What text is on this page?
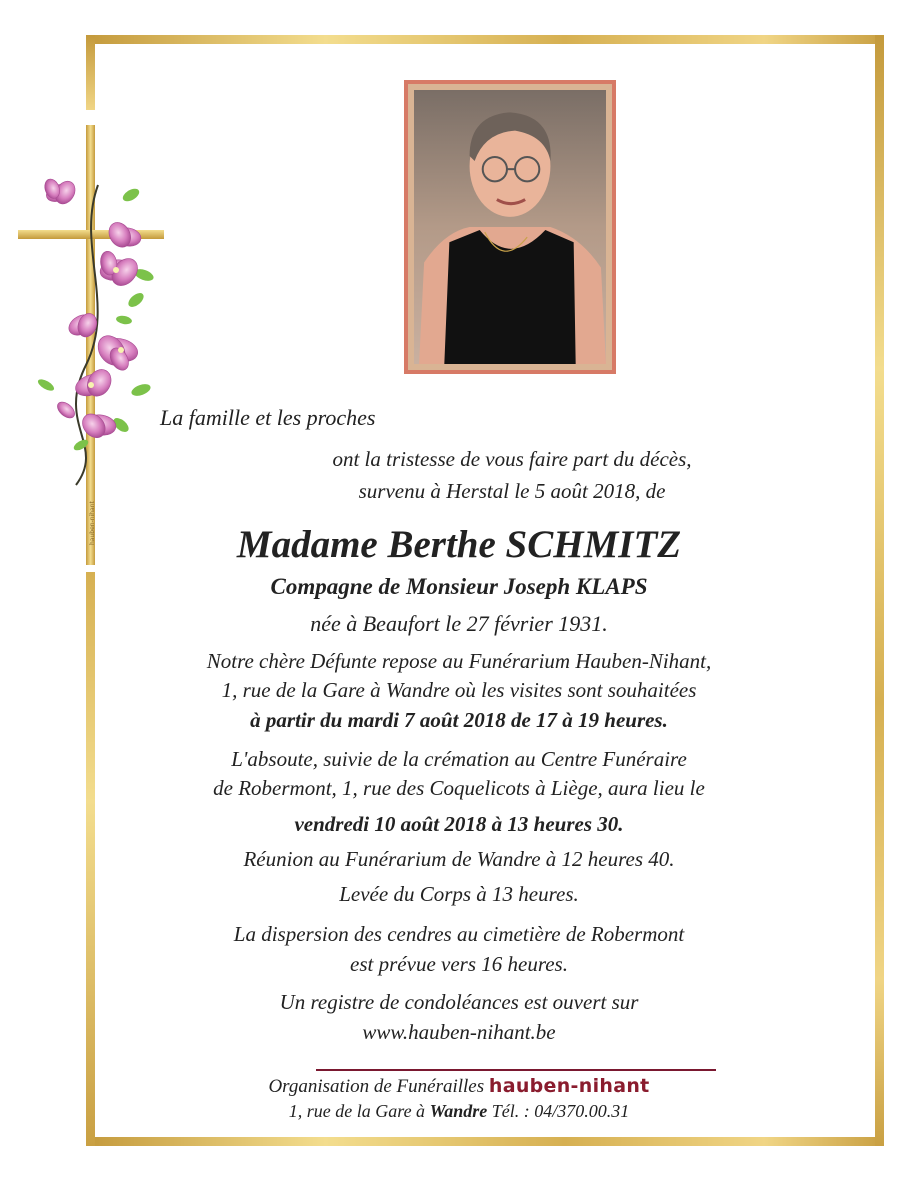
hauben-nihant
La famille et les proches
ont la tristesse de vous faire part du décès,
survenu à Herstal le 5 août 2018, de
Madame Berthe SCHMITZ
Compagne de Monsieur Joseph KLAPS
née à Beaufort le 27 février 1931.
Notre chère Défunte repose au Funérarium Hauben-Nihant,
1, rue de la Gare à Wandre où les visites sont souhaitées
à partir du mardi 7 août 2018 de 17 à 19 heures.
L'absoute, suivie de la crémation au Centre Funéraire
de Robermont, 1, rue des Coquelicots à Liège, aura lieu le
vendredi 10 août 2018 à 13 heures 30.
Réunion au Funérarium de Wandre à 12 heures 40.
Levée du Corps à 13 heures.
La dispersion des cendres au cimetière de Robermont
est prévue vers 16 heures.
Un registre de condoléances est ouvert sur
www.hauben-nihant.be
Organisation de Funérailles hauben-nihant
1, rue de la Gare à Wandre Tél. : 04/370.00.31
